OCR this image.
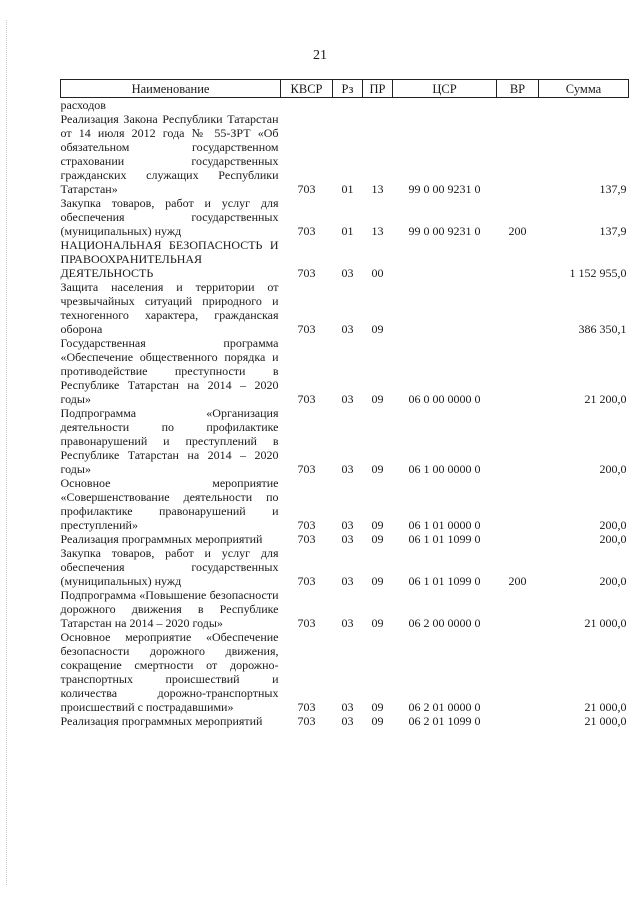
21
Наименование	КВСР	Рз	ПР	ЦСР	ВР	Сумма
расходов						
Реализация Закона Республики Татарстан от 14 июля 2012 года № 55-ЗРТ «Об обязательном государственном страховании государственных гражданских служащих Республики Татарстан»	703	01	13	99 0 00 9231 0		137,9
Закупка товаров, работ и услуг для обеспечения государственных (муниципальных) нужд	703	01	13	99 0 00 9231 0	200	137,9
НАЦИОНАЛЬНАЯ БЕЗОПАСНОСТЬ И ПРАВООХРАНИТЕЛЬНАЯ ДЕЯТЕЛЬНОСТЬ	703	03	00			1 152 955,0
Защита населения и территории от чрезвычайных ситуаций природного и техногенного характера, гражданская оборона	703	03	09			386 350,1
Государственная программа «Обеспечение общественного порядка и противодействие преступности в Республике Татарстан на 2014 – 2020 годы»	703	03	09	06 0 00 0000 0		21 200,0
Подпрограмма «Организация деятельности по профилактике правонарушений и преступлений в Республике Татарстан на 2014 – 2020 годы»	703	03	09	06 1 00 0000 0		200,0
Основное мероприятие «Совершенствование деятельности по профилактике правонарушений и преступлений»	703	03	09	06 1 01 0000 0		200,0
Реализация программных мероприятий	703	03	09	06 1 01 1099 0		200,0
Закупка товаров, работ и услуг для обеспечения государственных (муниципальных) нужд	703	03	09	06 1 01 1099 0	200	200,0
Подпрограмма «Повышение безопасности дорожного движения в Республике Татарстан на 2014 – 2020 годы»	703	03	09	06 2 00 0000 0		21 000,0
Основное мероприятие «Обеспечение безопасности дорожного движения, сокращение смертности от дорожно-транспортных происшествий и количества дорожно-транспортных происшествий с пострадавшими»	703	03	09	06 2 01 0000 0		21 000,0
Реализация программных мероприятий	703	03	09	06 2 01 1099 0		21 000,0
